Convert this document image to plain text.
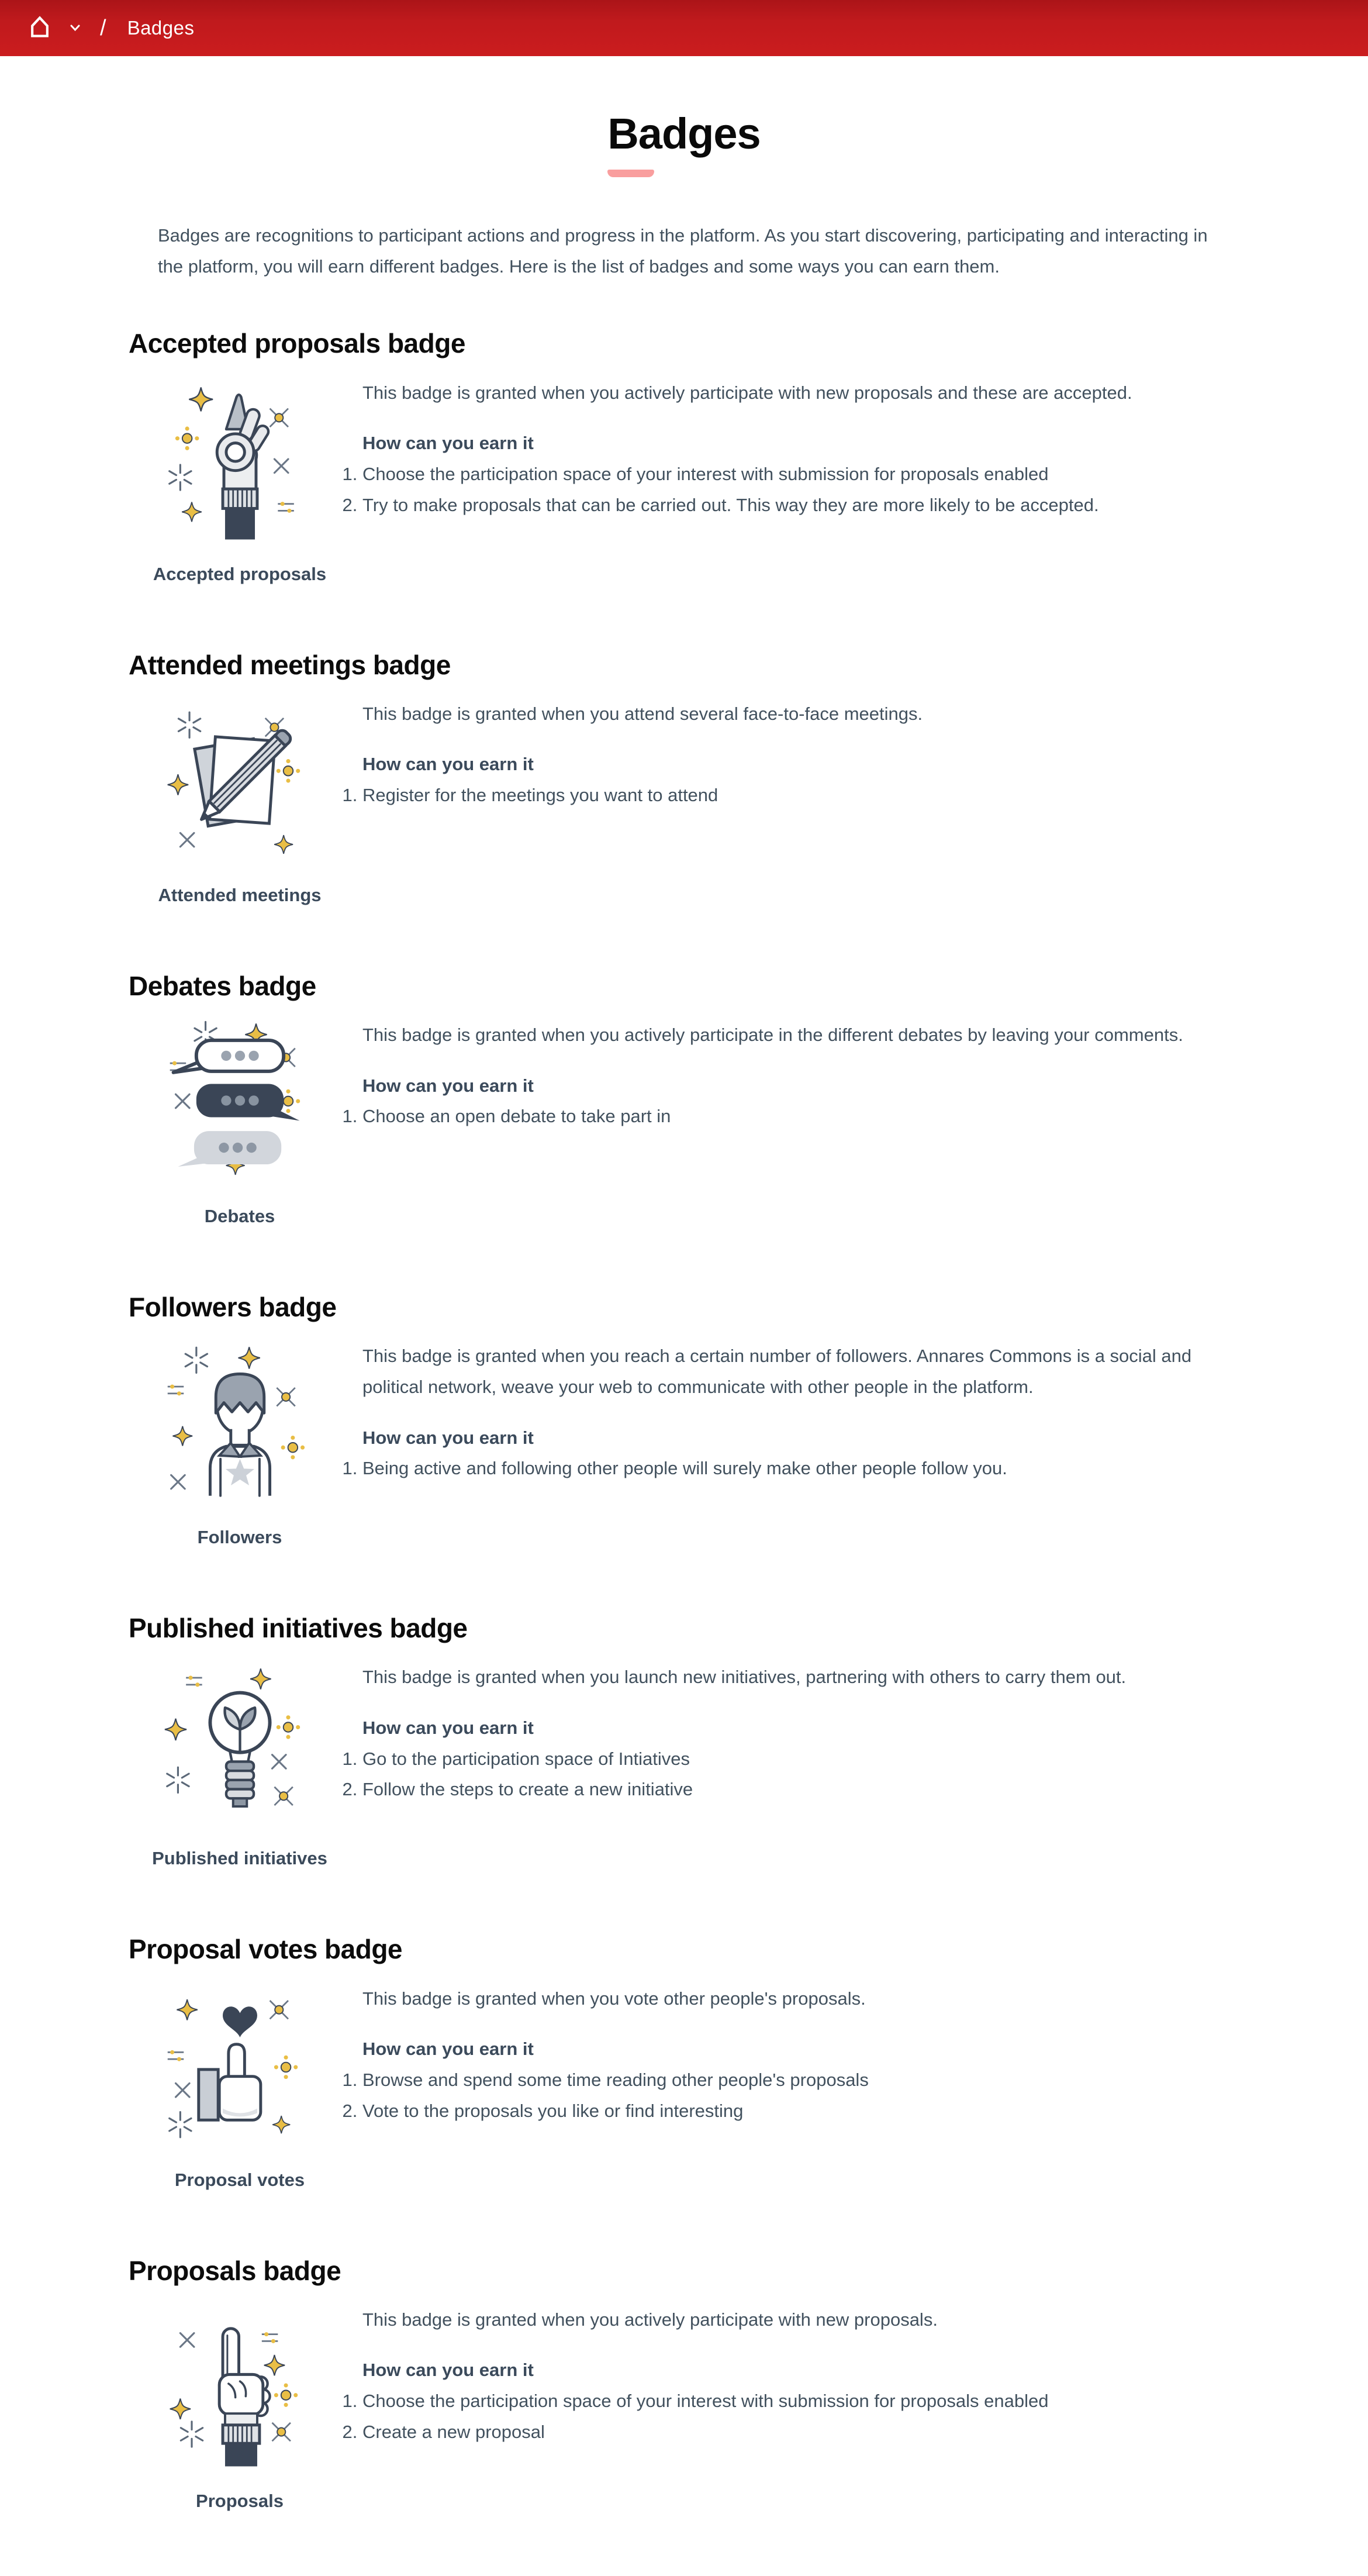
/ Badges
Badges

Badges are recognitions to participant actions and progress in the platform. As you start discovering, participating and interacting in the platform, you will earn different badges. Here is the list of badges and some ways you can earn them.

Accepted proposals badge
Accepted proposals

This badge is granted when you actively participate with new proposals and these are accepted.

How can you earn it

1. Choose the participation space of your interest with submission for proposals enabled
2. Try to make proposals that can be carried out. This way they are more likely to be accepted.
Attended meetings badge
Attended meetings

This badge is granted when you attend several face-to-face meetings.

How can you earn it

1. Register for the meetings you want to attend
Debates badge
Debates

This badge is granted when you actively participate in the different debates by leaving your comments.

How can you earn it

1. Choose an open debate to take part in
Followers badge
Followers

This badge is granted when you reach a certain number of followers. Annares Commons is a social and political network, weave your web to communicate with other people in the platform.

How can you earn it

1. Being active and following other people will surely make other people follow you.
Published initiatives badge
Published initiatives

This badge is granted when you launch new initiatives, partnering with others to carry them out.

How can you earn it

1. Go to the participation space of Intiatives
2. Follow the steps to create a new initiative
Proposal votes badge
Proposal votes

This badge is granted when you vote other people's proposals.

How can you earn it

1. Browse and spend some time reading other people's proposals
2. Vote to the proposals you like or find interesting
Proposals badge
Proposals

This badge is granted when you actively participate with new proposals.

How can you earn it

1. Choose the participation space of your interest with submission for proposals enabled
2. Create a new proposal
